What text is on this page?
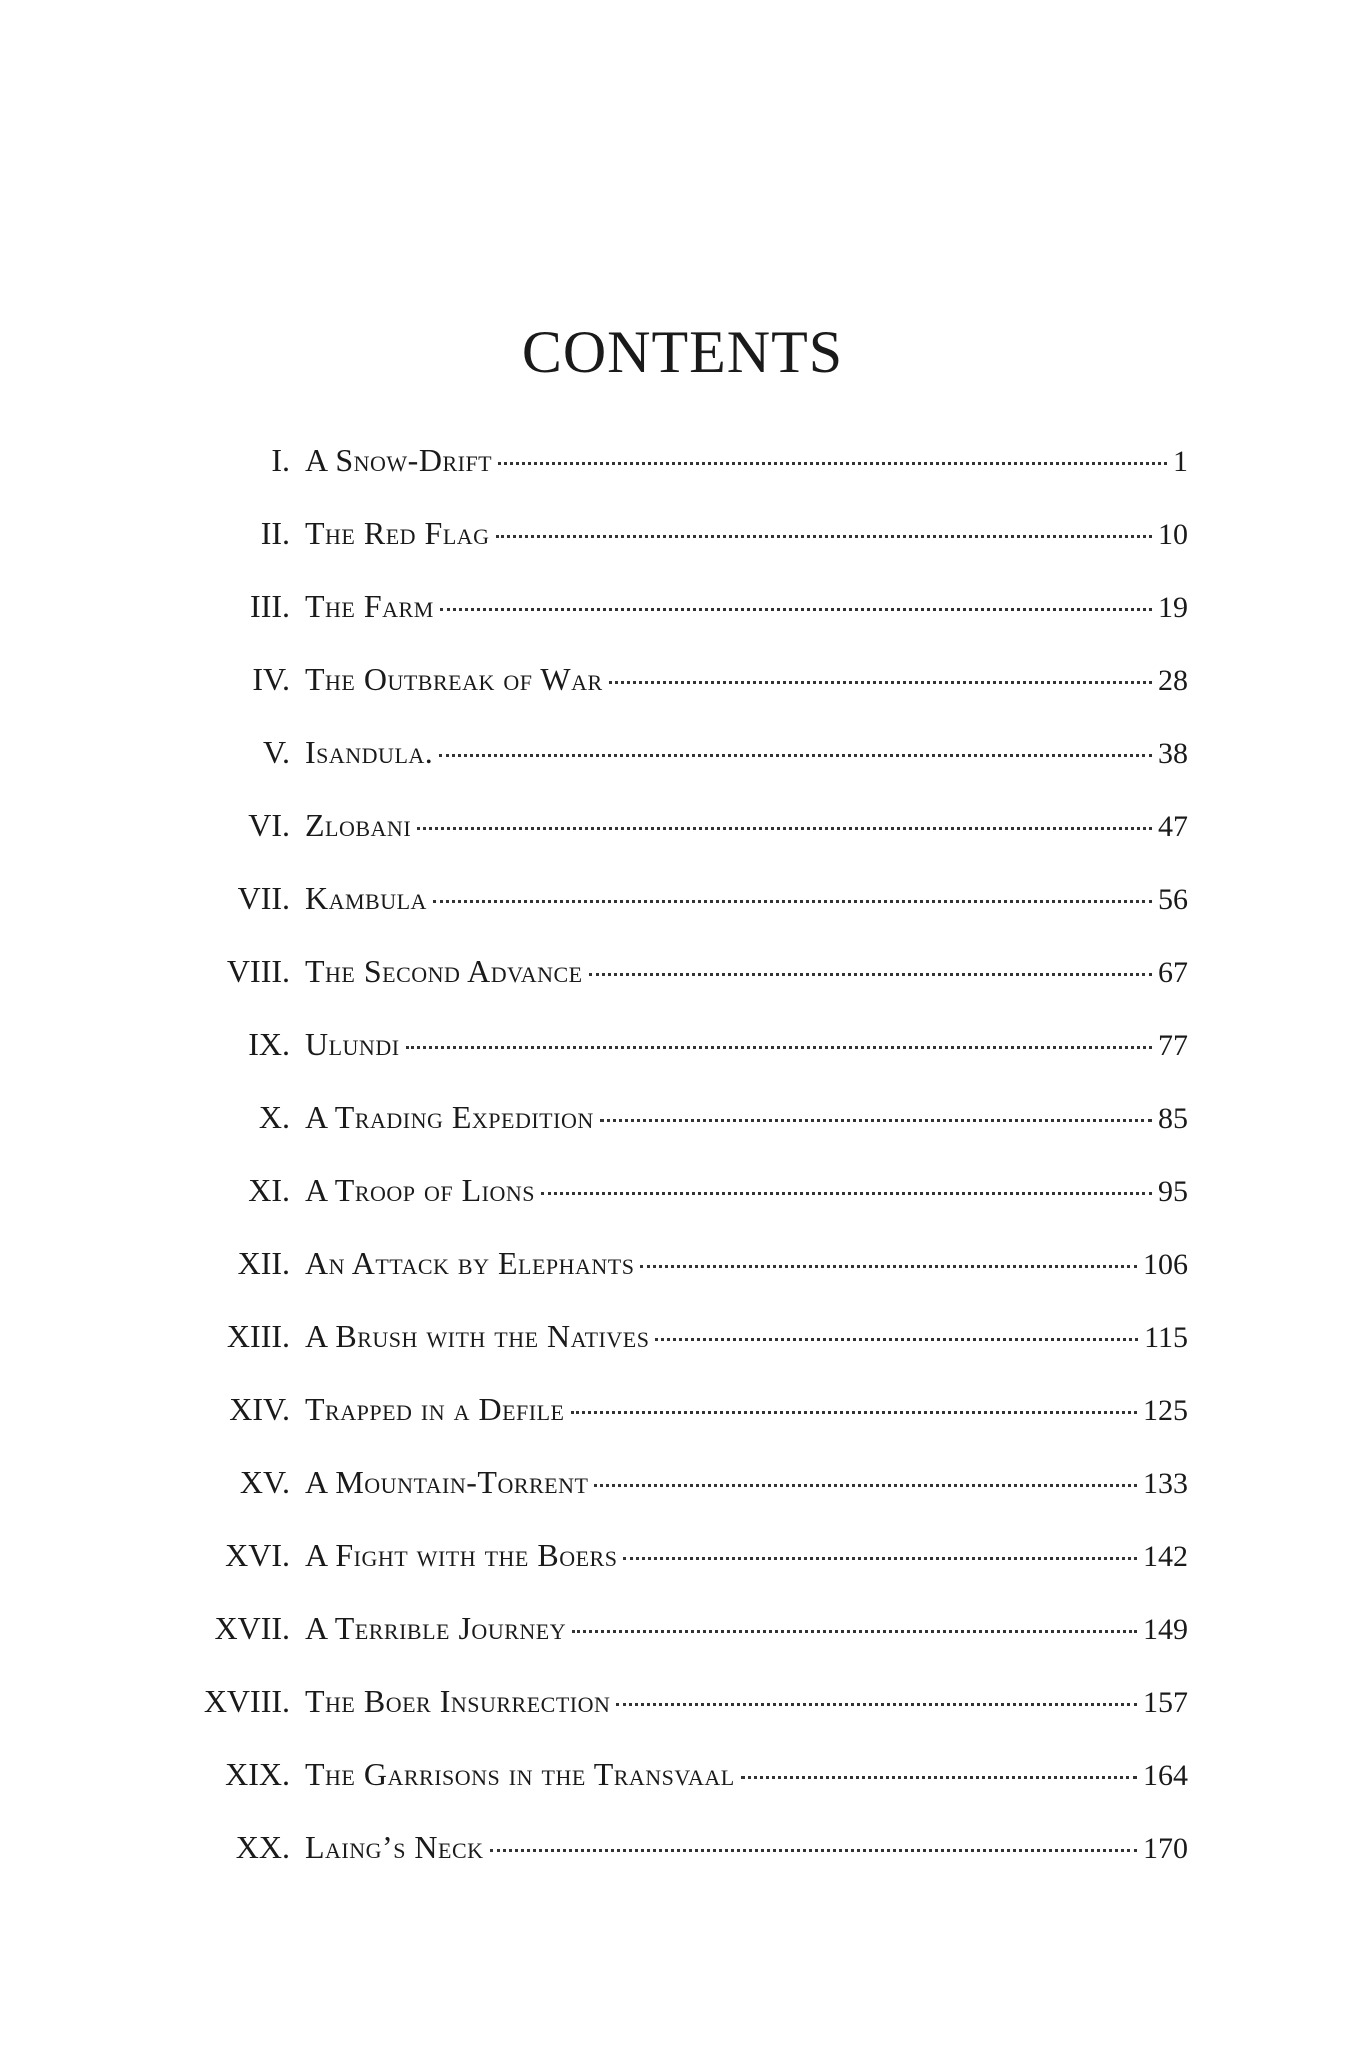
CONTENTS
I. A Snow-Drift	1
II. The Red Flag	10
III. The Farm	19
IV. The Outbreak of War	28
V. Isandula.	38
VI. Zlobani	47
VII. Kambula	56
VIII. The Second Advance	67
IX. Ulundi	77
X. A Trading Expedition	85
XI. A Troop of Lions	95
XII. An Attack by Elephants	106
XIII. A Brush with the Natives	115
XIV. Trapped in a Defile	125
XV. A Mountain-Torrent	133
XVI. A Fight with the Boers	142
XVII. A Terrible Journey	149
XVIII. The Boer Insurrection	157
XIX. The Garrisons in the Transvaal	164
XX. Laing’s Neck	170
